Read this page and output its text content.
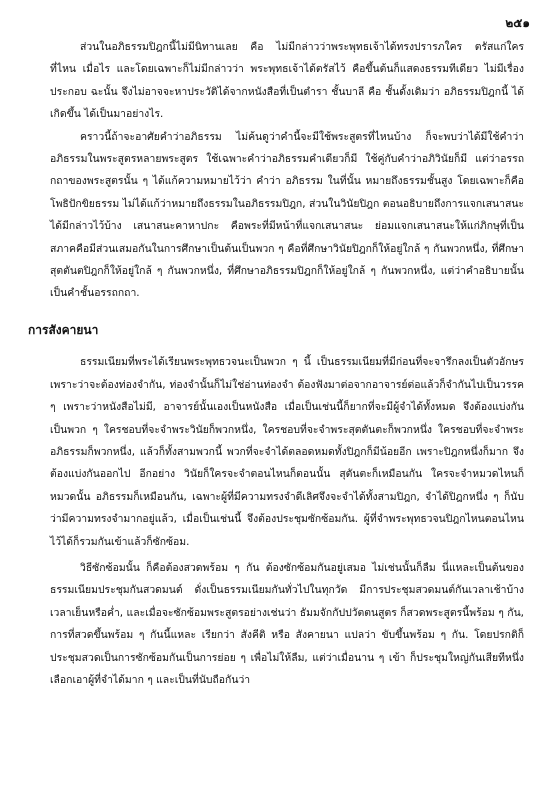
๒๕๑

ส่วนในอภิธรรมปิฎกนี้ไม่มีนิทานเลย คือ ไม่มีกล่าวว่าพระพุทธเจ้าได้ทรงปรารภใคร ตรัสแก่ใคร ที่ไหน เมื่อไร และโดยเฉพาะก็ไม่มีกล่าวว่า พระพุทธเจ้าได้ตรัสไว้ คือขึ้นต้นก็แสดงธรรมทีเดียว ไม่มีเรื่องประกอบ ฉะนั้น จึงไม่อาจจะหาประวัติได้จากหนังสือที่เป็นตำรา ชั้นบาลี คือ ชั้นดั้งเดิมว่า อภิธรรมปิฎกนี้ ได้เกิดขึ้น ได้เป็นมาอย่างไร.

คราวนี้ถ้าจะอาศัยคำว่าอภิธรรม ไม่ค้นดูว่าคำนี้จะมีใช้พระสูตรที่ไหนบ้าง ก็จะพบว่าได้มีใช้คำว่าอภิธรรมในพระสูตรหลายพระสูตร ใช้เฉพาะคำว่าอภิธรรมคำเดียวก็มี ใช้คู่กับคำว่าอภิวินัยก็มี แต่ว่าอรรถกถาของพระสูตรนั้น ๆ ได้แก้ความหมายไว้ว่า คำว่า อภิธรรม ในที่นั้น หมายถึงธรรมชั้นสูง โดยเฉพาะก็คือ โพธิปักขิยธรรม ไม่ได้แก้ว่าหมายถึงธรรมในอภิธรรมปิฎก, ส่วนในวินัยปิฎก ตอนอธิบายถึงการแจกเสนาสนะ ได้มีกล่าวไว้บ้าง เสนาสนะคาหาปกะ คือพระที่มีหน้าที่แจกเสนาสนะ ย่อมแจกเสนาสนะให้แก่ภิกษุที่เป็นสภาคคือมีส่วนเสมอกันในการศึกษาเป็นต้นเป็นพวก ๆ คือที่ศึกษาวินัยปิฎกก็ให้อยู่ใกล้ ๆ กันพวกหนึ่ง, ที่ศึกษาสุตตันตปิฎกก็ให้อยู่ใกล้ ๆ กันพวกหนึ่ง, ที่ศึกษาอภิธรรมปิฎกก็ให้อยู่ใกล้ ๆ กันพวกหนึ่ง, แต่ว่าคำอธิบายนั้นเป็นคำชั้นอรรถกถา.

การสังคายนา

ธรรมเนียมที่พระได้เรียนพระพุทธวจนะเป็นพวก ๆ นี้ เป็นธรรมเนียมที่มีก่อนที่จะจารึกลงเป็นตัวอักษร เพราะว่าจะต้องท่องจำกัน, ท่องจำนั้นก็ไม่ใช่อ่านท่องจำ ต้องฟังมาต่อจากอาจารย์ต่อแล้วก็จำกันไปเป็นวรรค ๆ เพราะว่าหนังสือไม่มี, อาจารย์นั้นเองเป็นหนังสือ เมื่อเป็นเช่นนี้ก็ยากที่จะมีผู้จำได้ทั้งหมด จึงต้องแบ่งกันเป็นพวก ๆ ใครชอบที่จะจำพระวินัยก็พวกหนึ่ง, ใครชอบที่จะจำพระสุตตันตะก็พวกหนึ่ง ใครชอบที่จะจำพระอภิธรรมก็พวกหนึ่ง, แล้วก็ทั้งสามพวกนี้ พวกที่จะจำได้ตลอดหมดทั้งปิฎกก็มีน้อยอีก เพราะปิฎกหนึ่งก็มาก จึงต้องแบ่งกันออกไป อีกอย่าง วินัยก็ใครจะจำตอนไหนก็ตอนนั้น สุตันตะก็เหมือนกัน ใครจะจำหมวดไหนก็หมวดนั้น อภิธรรมก็เหมือนกัน, เฉพาะผู้ที่มีความทรงจำดีเลิศจึงจะจำได้ทั้งสามปิฎก, จำได้ปิฎกหนึ่ง ๆ ก็นับว่ามีความทรงจำมากอยู่แล้ว, เมื่อเป็นเช่นนี้ จึงต้องประชุมซักซ้อมกัน. ผู้ที่จำพระพุทธวจนปิฎกไหนตอนไหนไว้ได้ก็รวมกันเข้าแล้วก็ซักซ้อม.

วิธีซักซ้อมนั้น ก็คือต้องสวดพร้อม ๆ กัน ต้องซักซ้อมกันอยู่เสมอ ไม่เช่นนั้นก็ลืม นี่แหละเป็นต้นของธรรมเนียมประชุมกันสวดมนต์ ดั่งเป็นธรรมเนียมกันทั่วไปในทุกวัด มีการประชุมสวดมนต์กันเวลาเช้าบ้างเวลาเย็นหรือค่ำ, และเมื่อจะซักซ้อมพระสูตรอย่างเช่นว่า ธัมมจักกัปปวัตตนสูตร ก็สวดพระสูตรนี้พร้อม ๆ กัน, การที่สวดขึ้นพร้อม ๆ กันนี้แหละ เรียกว่า สังคีติ หรือ สังคายนา แปลว่า ขับขึ้นพร้อม ๆ กัน. โดยปรกติก็ประชุมสวดเป็นการซักซ้อมกันเป็นการย่อย ๆ เพื่อไม่ให้ลืม, แต่ว่าเมื่อนาน ๆ เข้า ก็ประชุมใหญ่กันเสียทีหนึ่ง เลือกเอาผู้ที่จำได้มาก ๆ และเป็นที่นับถือกันว่า
